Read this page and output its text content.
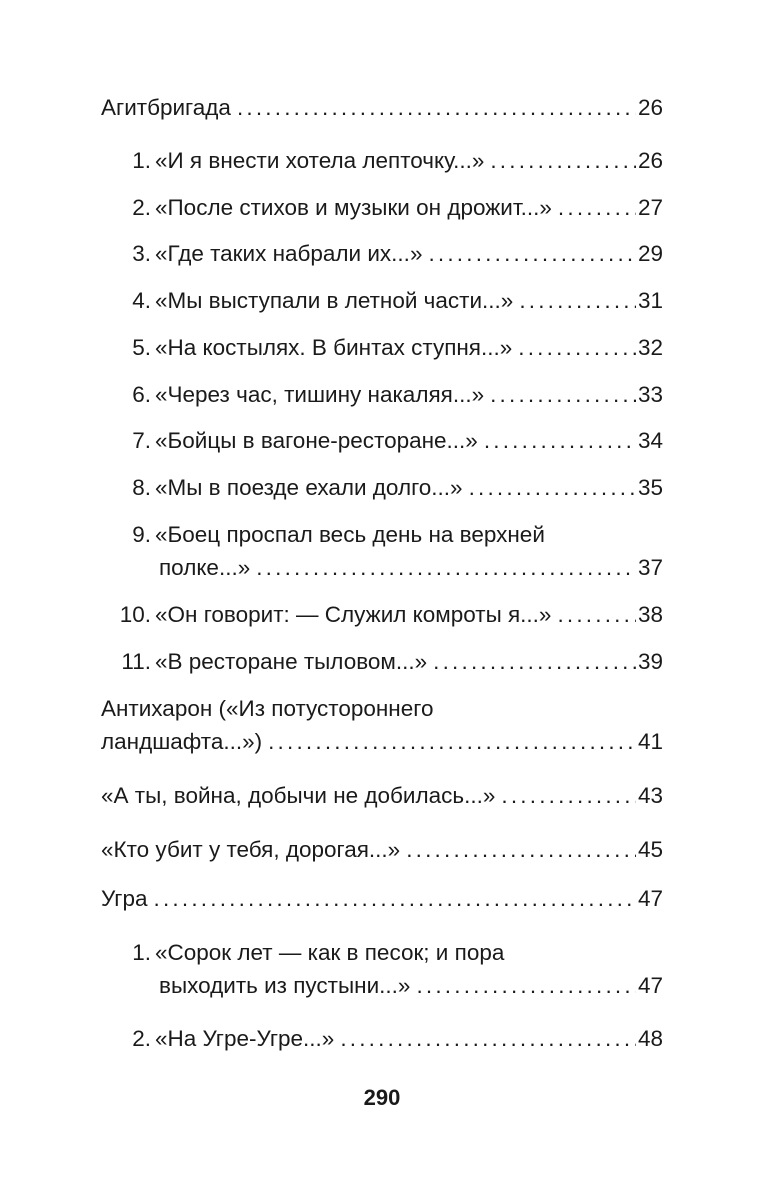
Агитбригада .....	26
1. «И я внести хотела лепточку...» .....	26
2. «После стихов и музыки он дрожит...» .....	27
3. «Где таких набрали их...» .....	29
4. «Мы выступали в летной части...» .....	31
5. «На костылях. В бинтах ступня...» .....	32
6. «Через час, тишину накаляя...» .....	33
7. «Бойцы в вагоне-ресторане...» .....	34
8. «Мы в поезде ехали долго...» .....	35
9. «Боец проспал весь день на верхней
полке...» .....	37
10. «Он говорит: — Служил комроты я...» .....	38
11. «В ресторане тыловом...» .....	39
Антихарон («Из потустороннего
ландшафта...») .....	41
«А ты, война, добычи не добилась...» .....	43
«Кто убит у тебя, дорогая...» .....	45
Угра .....	47
1. «Сорок лет — как в песок; и пора
выходить из пустыни...» .....	47
2. «На Угре-Угре...» .....	48
290
